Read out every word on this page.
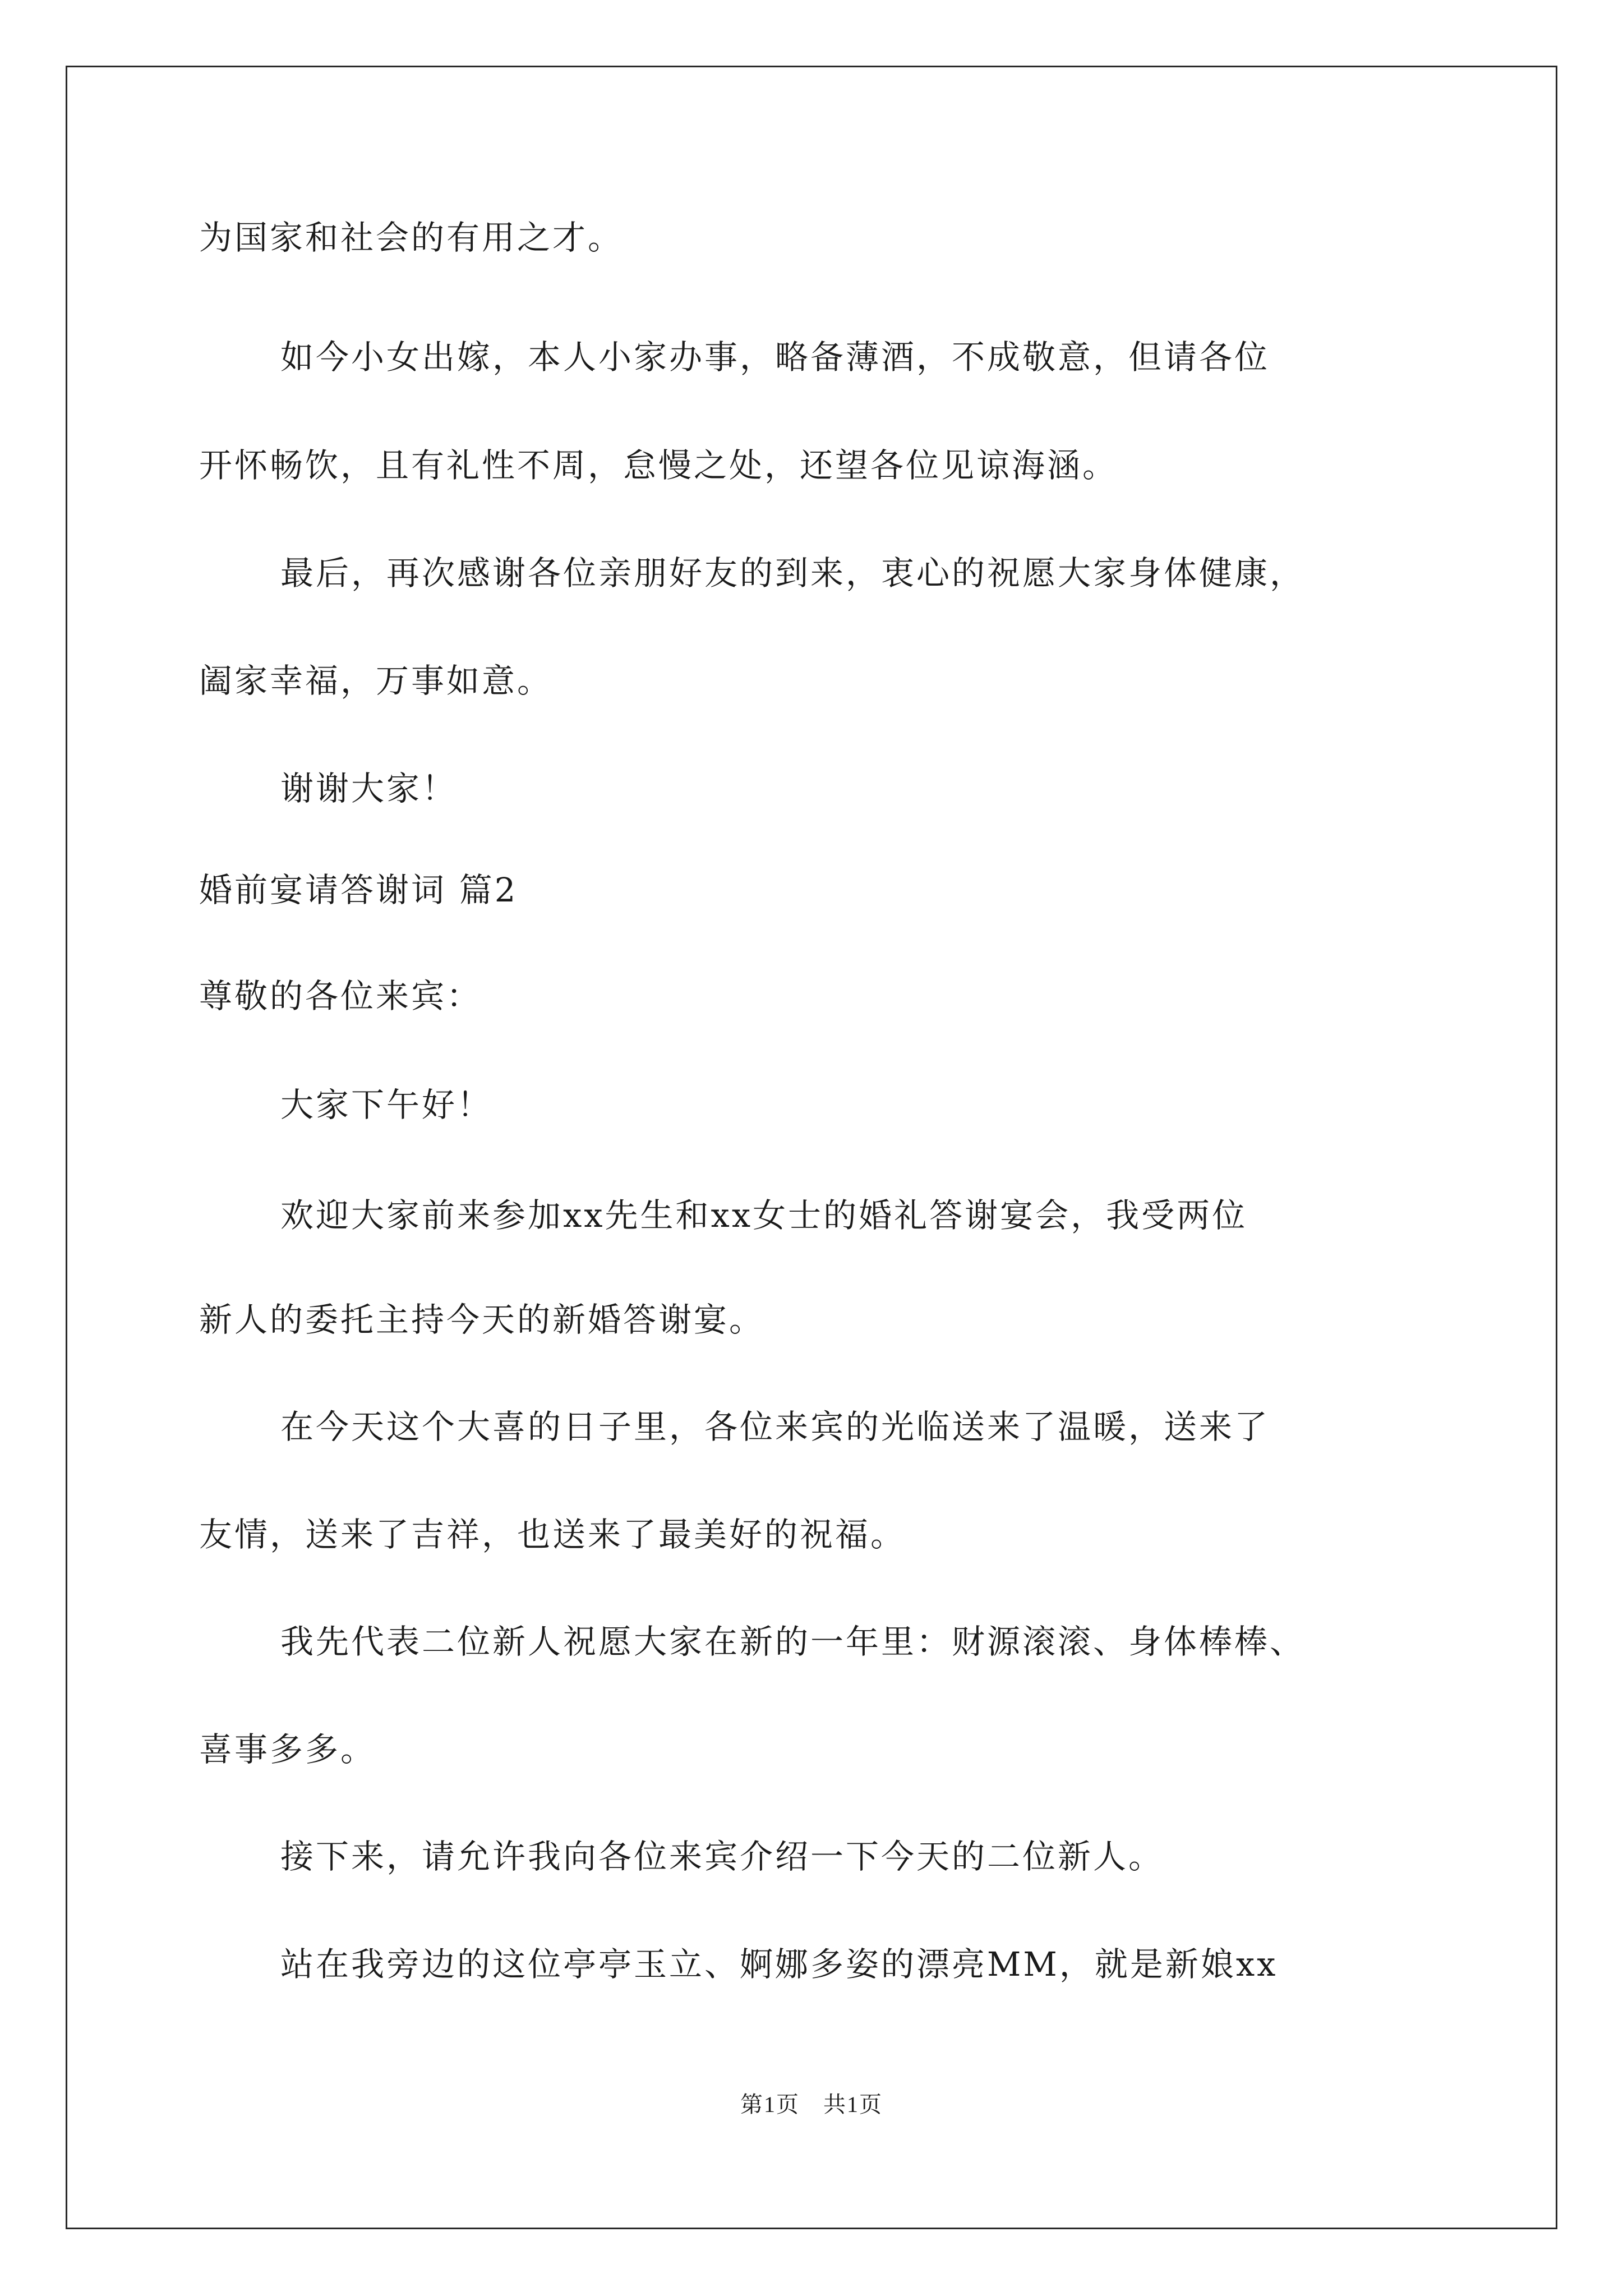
为国家和社会的有用之才。
如今小女出嫁，本人小家办事，略备薄酒，不成敬意，但请各位
开怀畅饮，且有礼性不周，怠慢之处，还望各位见谅海涵。
最后，再次感谢各位亲朋好友的到来，衷心的祝愿大家身体健康，
阖家幸福，万事如意。
谢谢大家！
婚前宴请答谢词 篇2
尊敬的各位来宾：
大家下午好！
欢迎大家前来参加xx先生和xx女士的婚礼答谢宴会，我受两位
新人的委托主持今天的新婚答谢宴。
在今天这个大喜的日子里，各位来宾的光临送来了温暖，送来了
友情，送来了吉祥，也送来了最美好的祝福。
我先代表二位新人祝愿大家在新的一年里：财源滚滚、身体棒棒、
喜事多多。
接下来，请允许我向各位来宾介绍一下今天的二位新人。
站在我旁边的这位亭亭玉立、婀娜多姿的漂亮MM，就是新娘xx
第1页　共1页
